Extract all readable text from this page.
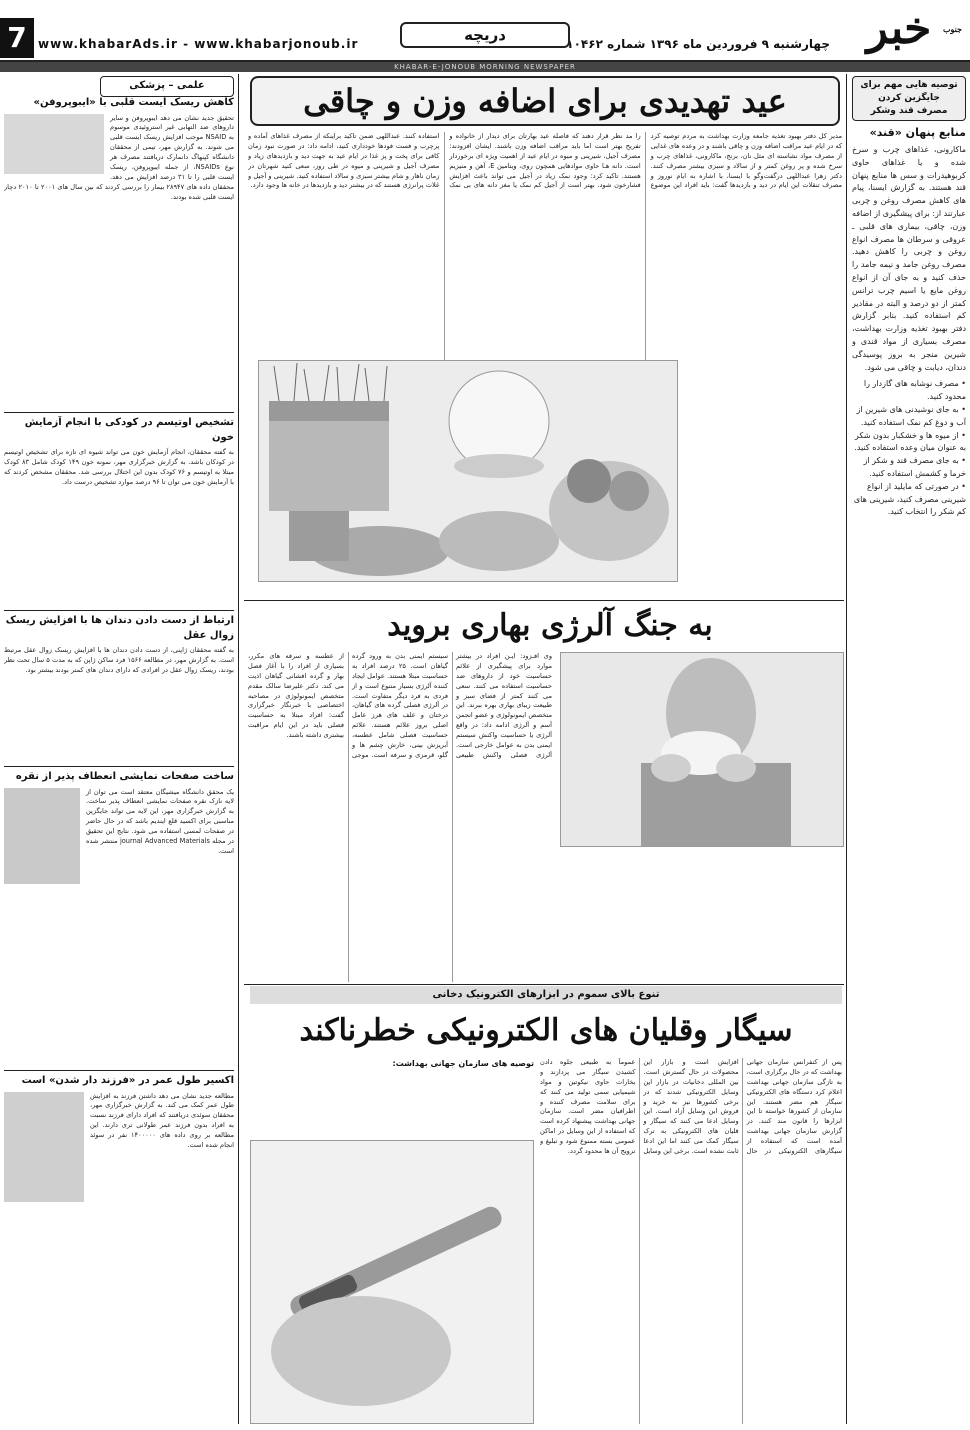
جنوب
خبر
چهارشنبه ۹ فروردین ماه ۱۳۹۶ شماره ۱۰۴۶۲
دریچه
www.khabarAds.ir - www.khabarjonoub.ir
7
KHABAR-E-JONOUB MORNING NEWSPAPER
توصیه هایی مهم برای
جایگزین کردن
مصرف قند وشکر
منابع پنهان «قند»
ماکارونی، غذاهای چرب و سرخ شده و یا غذاهای حاوی کربوهیدرات و سس ها منابع پنهان قند هستند. به گزارش ایسنا، پیام های کاهش مصرف روغن و چربی عبارتند از: برای پیشگیری از اضافه وزن، چاقی، بیماری های قلبی ـ عروقی و سرطان ها مصرف انواع روغن و چربی را کاهش دهید. مصرف روغن جامد و نیمه جامد را حذف کنید و به جای آن از انواع روغن مایع یا اسیم چرب ترانس کمتر از دو درصد و البته در مقادیر کم استفاده کنید. بنابر گزارش دفتر بهبود تغذیه وزارت بهداشت، مصرف بسیاری از مواد قندی و شیرین منجر به بروز پوسیدگی دندان، دیابت و چاقی می شود.
• مصرف نوشابه های گازدار را محدود کنید.
• به جای نوشیدنی های شیرین از آب و دوغ کم نمک استفاده کنید.
• از میوه ها و خشکبار بدون شکر به عنوان میان وعده استفاده کنید.
• به جای مصرف قند و شکر از خرما و کشمش استفاده کنید.
• در صورتی که مایلید از انواع شیرینی مصرف کنید، شیرینی های کم شکر را انتخاب کنید.
عید تهدیدی برای اضافه وزن و چاقی
مدیر کل دفتر بهبود تغذیه جامعه وزارت بهداشت به مردم توصیه کرد که در ایام عید مراقب اضافه وزن و چاقی باشند و در وعده های غذایی از مصرف مواد نشاسته ای مثل نان، برنج، ماکارونی، غذاهای چرب و سرخ شده و پر روغن کمتر و از سالاد و سبزی بیشتر مصرف کنند. دکتر زهرا عبداللهی درگفت‌وگو با ایسنا، با اشاره به ایام نوروز و مصرف تنقلات این ایام در دید و بازدیدها گفت: باید افراد این موضوع را مد نظر قرار دهند که فاصله عید بهارتان برای دیدار از خانواده و تفریح بهتر است اما باید مراقب اضافه وزن باشند. ایشان افزودند: مصرف آجیل، شیرینی و میوه در ایام عید از اهمیت ویژه ای برخوردار است. دانه هـا حاوی مواد‌هایی همچون روی، ویتامین E، آهن و منیزیم هستند. تاکید کرد: وجود نمک زیاد در آجیل می تواند باعث افزایش فشارخون شود. بهتر است از آجیل کم نمک یا مغز دانه های بی نمک استفاده کنند. عبداللهی ضمن تاکید براینکه از مصرف غذاهای آماده و پرچرب و فست فودها خودداری کنید، ادامه داد: در صورت نبود زمان کافی برای پخت و پز غذا در ایام عید به جهت دید و بازدیدهای زیاد و مصرف آجیل و شیرینی و میوه در طی روز، سعی کنید شهرتان در زمان ناهار و شام بیشتر سبزی و سالاد استفاده کنید. شیرینی و آجیل و غلات پرانرژی هستند که در بیشتر دید و بازدیدها در خانه ها وجود دارد.
به جنگ آلرژی بهاری بروید
وی افـزود: ایـن افراد در بیشتر موارد برای پیشگیری از علائم حساسیت خود از داروهای ضد حساسیت استفاده می کنند. سعی می کنند کمتر از فضای سبز و طبیعت زیبای بهاری بهره ببرند. این متخصص ایمونولوژی و عضو انجمن آسم و آلرژی ادامه داد: در واقع آلرژی یا حساسیت واکنش سیستم ایمنی بدن به عوامل خارجی است. آلرژی فصلی واکنش طبیعی سیستم ایمنی بدن به ورود گرده گیاهان است. ۲۵ درصد افراد به حساسیت مبتلا هستند. عوامل ایجاد کننده آلرژی بسیار متنوع است و از فردی به فرد دیگر متفاوت است. در آلرژی فصلی گرده های گیاهان، درختان و علف های هرز عامل اصلی بروز علائم هستند. علائم حساسیت فصلی شامل عطسه، آبریزش بینی، خارش چشم ها و گلو، قرمزی و سرفه است. موجی از عطسه و سرفه های مکرر، بسیاری از افراد را با آغاز فصل بهار و گرده افشانی گیاهان اذیت می کند. دکتر علیرضا سالک مقدم متخصص ایمونولوژی در مصاحبه اختصاصی با خبرنگار خبرگزاری گفت: افراد مبتلا به حساسیت فصلی باید در این ایام مراقبت بیشتری داشته باشند.
تنوع بالای سموم در ابزارهای الکترونیک دخانی
سیگار وقلیان های الکترونیکی خطرناکند
پس از کنفرانس سازمان جهانی بهداشت که در حال برگزاری است، به تازگی سازمان جهانی بهداشت اعلام کرد دستگاه های الکترونیکی سیگار هم مضر هستند. این سازمان از کشورها خواسته تا این ابزارها را قانون مند کنند. در گزارش سازمان جهانی بهداشت آمده است که استفاده از سیگارهای الکترونیکی در حال افزایش است و بازار این محصولات در حال گسترش است. بین المللی دخانیات در بازار این وسایل الکترونیکی شدند که در برخی کشورها نیز به خرید و فروش این وسایل آزاد است. این وسایل ادعا می کنند که سیگار و قلیان های الکترونیکی به ترک سیگار کمک می کنند اما این ادعا ثابت نشده است. برخی این وسایل عموماً به طبیعی جلوه دادن کشیدن سیگار می پردازند و بخارات حاوی نیکوتین و مواد شیمیایی سمی تولید می کنند که برای سلامت مصرف کننده و اطرافیان مضر است. سازمان جهانی بهداشت پیشنهاد کرده است که استفاده از این وسایل در اماکن عمومی بسته ممنوع شود و تبلیغ و ترویج آن ها محدود گردد.
توصیه های سازمان جهانی بهداشت:
علمی – پزشکی
کاهش ریسک ایست قلبی با «ایبوپروفن»
تحقیق جدید نشان می دهد ایبوپروفن و سایر داروهای ضد التهابی غیر استروئیدی موسوم به NSAID موجب افزایش ریسک ایست قلبی می شوند. به گزارش مهر، تیمی از محققان دانشگاه کپنهاگ دانمارک دریافتند مصرف هر نوع NSAIDs، از جمله ایبوپروفن، ریسک ایست قلبی را تا ۳۱ درصد افزایش می دهد. محققان داده های ۲۸۹۴۷ بیمار را بررسی کردند که بین سال های ۲۰۰۱ تا ۲۰۱۰ دچار ایست قلبی شده بودند.
تشخیص اوتیسم در کودکی با انجام آزمایش خون
به گفته محققان، انجام آزمایش خون می تواند شیوه ای تازه برای تشخیص اوتیسم در کودکان باشد. به گزارش خبرگزاری مهر، نمونه خون ۱۴۹ کودک شامل ۸۳ کودک مبتلا به اوتیسم و ۷۶ کودک بدون این اختلال بررسی شد. محققان مشخص کردند که با آزمایش خون می توان تا ۹۶ درصد موارد تشخیص درست داد.
ارتباط از دست دادن دندان ها با افزایش ریسک زوال عقل
به گفته محققان ژاپنی، از دست دادن دندان ها با افزایش ریسک زوال عقل مرتبط است. به گزارش مهر، در مطالعه ۱۵۶۶ فرد ساکن ژاپن که به مدت ۵ سال تحت نظر بودند، ریسک زوال عقل در افرادی که دارای دندان های کمتر بودند بیشتر بود.
ساخت صفحات نمایشی انعطاف پذیر از نقره
یک محقق دانشگاه میشیگان معتقد است می توان از لایه نازک نقره صفحات نمایشی انعطاف پذیر ساخت. به گزارش خبرگزاری مهر، این لایه می تواند جایگزین مناسبی برای اکسید قلع ایندیم باشد که در حال حاضر در صفحات لمسی استفاده می شود. نتایج این تحقیق در مجله journal Advanced Materials منتشر شده است.
اکسیر طول عمر در «فرزند دار شدن» است
مطالعه جدید نشان می دهد داشتن فرزند به افزایش طول عمر کمک می کند. به گزارش خبرگزاری مهر، محققان سوئدی دریافتند که افراد دارای فرزند نسبت به افراد بدون فرزند عمر طولانی تری دارند. این مطالعه بر روی داده های ۱۴۰۰۰۰۰ نفر در سوئد انجام شده است.
